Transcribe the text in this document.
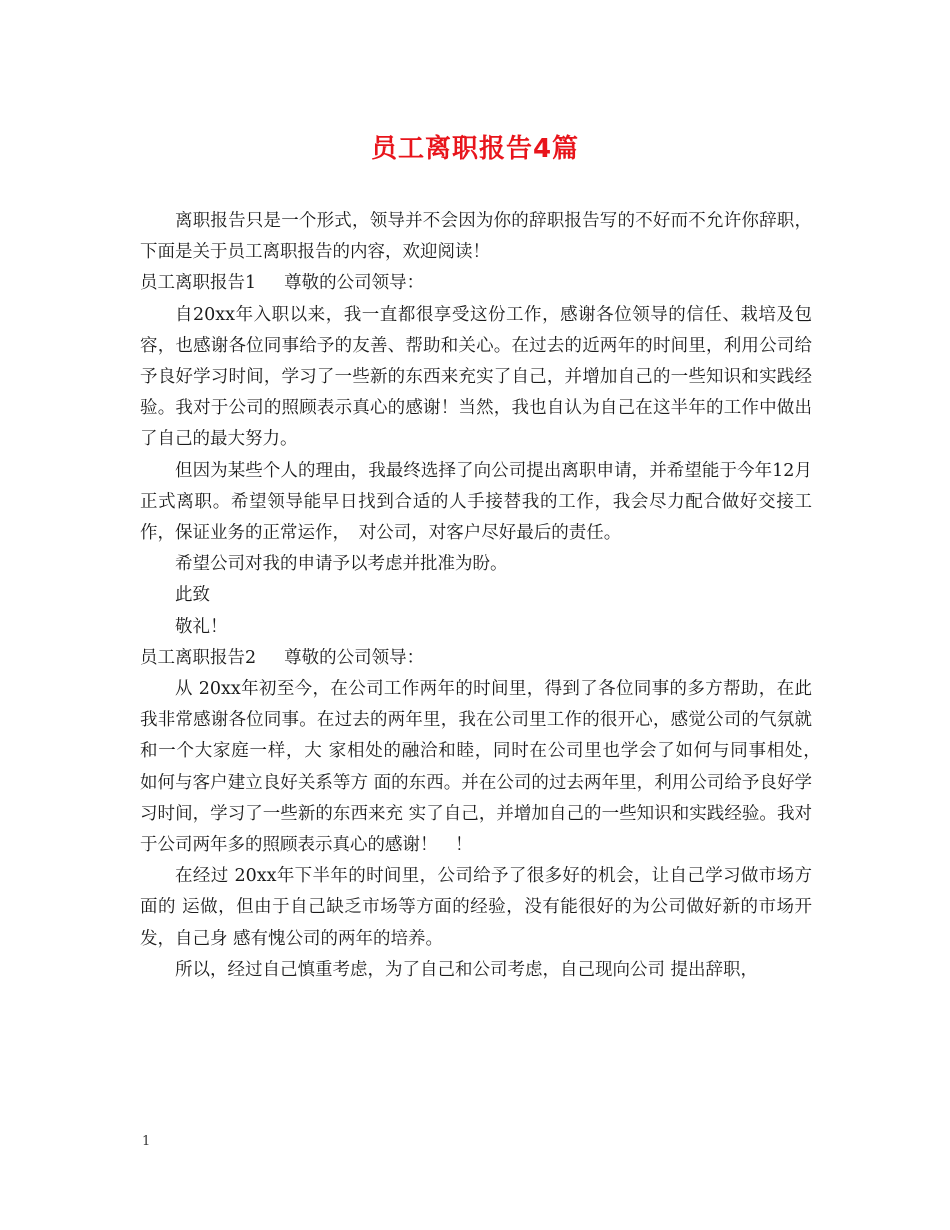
员工离职报告4篇

离职报告只是一个形式，领导并不会因为你的辞职报告写的不好而不允许你辞职，下面是关于员工离职报告的内容，欢迎阅读！

员工离职报告1 尊敬的公司领导：

自20xx年入职以来，我一直都很享受这份工作，感谢各位领导的信任、栽培及包容，也感谢各位同事给予的友善、帮助和关心。在过去的近两年的时间里，利用公司给予良好学习时间，学习了一些新的东西来充实了自己，并增加自己的一些知识和实践经验。我对于公司的照顾表示真心的感谢！当然，我也自认为自己在这半年的工作中做出了自己的最大努力。

但因为某些个人的理由，我最终选择了向公司提出离职申请，并希望能于今年12月正式离职。希望领导能早日找到合适的人手接替我的工作，我会尽力配合做好交接工作，保证业务的正常运作，　对公司，对客户尽好最后的责任。

希望公司对我的申请予以考虑并批准为盼。

此致

敬礼！

员工离职报告2 尊敬的公司领导：

从 20xx年初至今，在公司工作两年的时间里，得到了各位同事的多方帮助，在此我非常感谢各位同事。在过去的两年里，我在公司里工作的很开心，感觉公司的气氛就和一个大家庭一样，大 家相处的融洽和睦，同时在公司里也学会了如何与同事相处，　如何与客户建立良好关系等方 面的东西。并在公司的过去两年里，利用公司给予良好学习时间，学习了一些新的东西来充 实了自己，并增加自己的一些知识和实践经验。我对于公司两年多的照顾表示真心的感谢！　！

在经过 20xx年下半年的时间里，公司给予了很多好的机会，让自己学习做市场方面的 运做，但由于自己缺乏市场等方面的经验，没有能很好的为公司做好新的市场开发，自己身 感有愧公司的两年的培养。

所以，经过自己慎重考虑，为了自己和公司考虑，自己现向公司 提出辞职，

1
